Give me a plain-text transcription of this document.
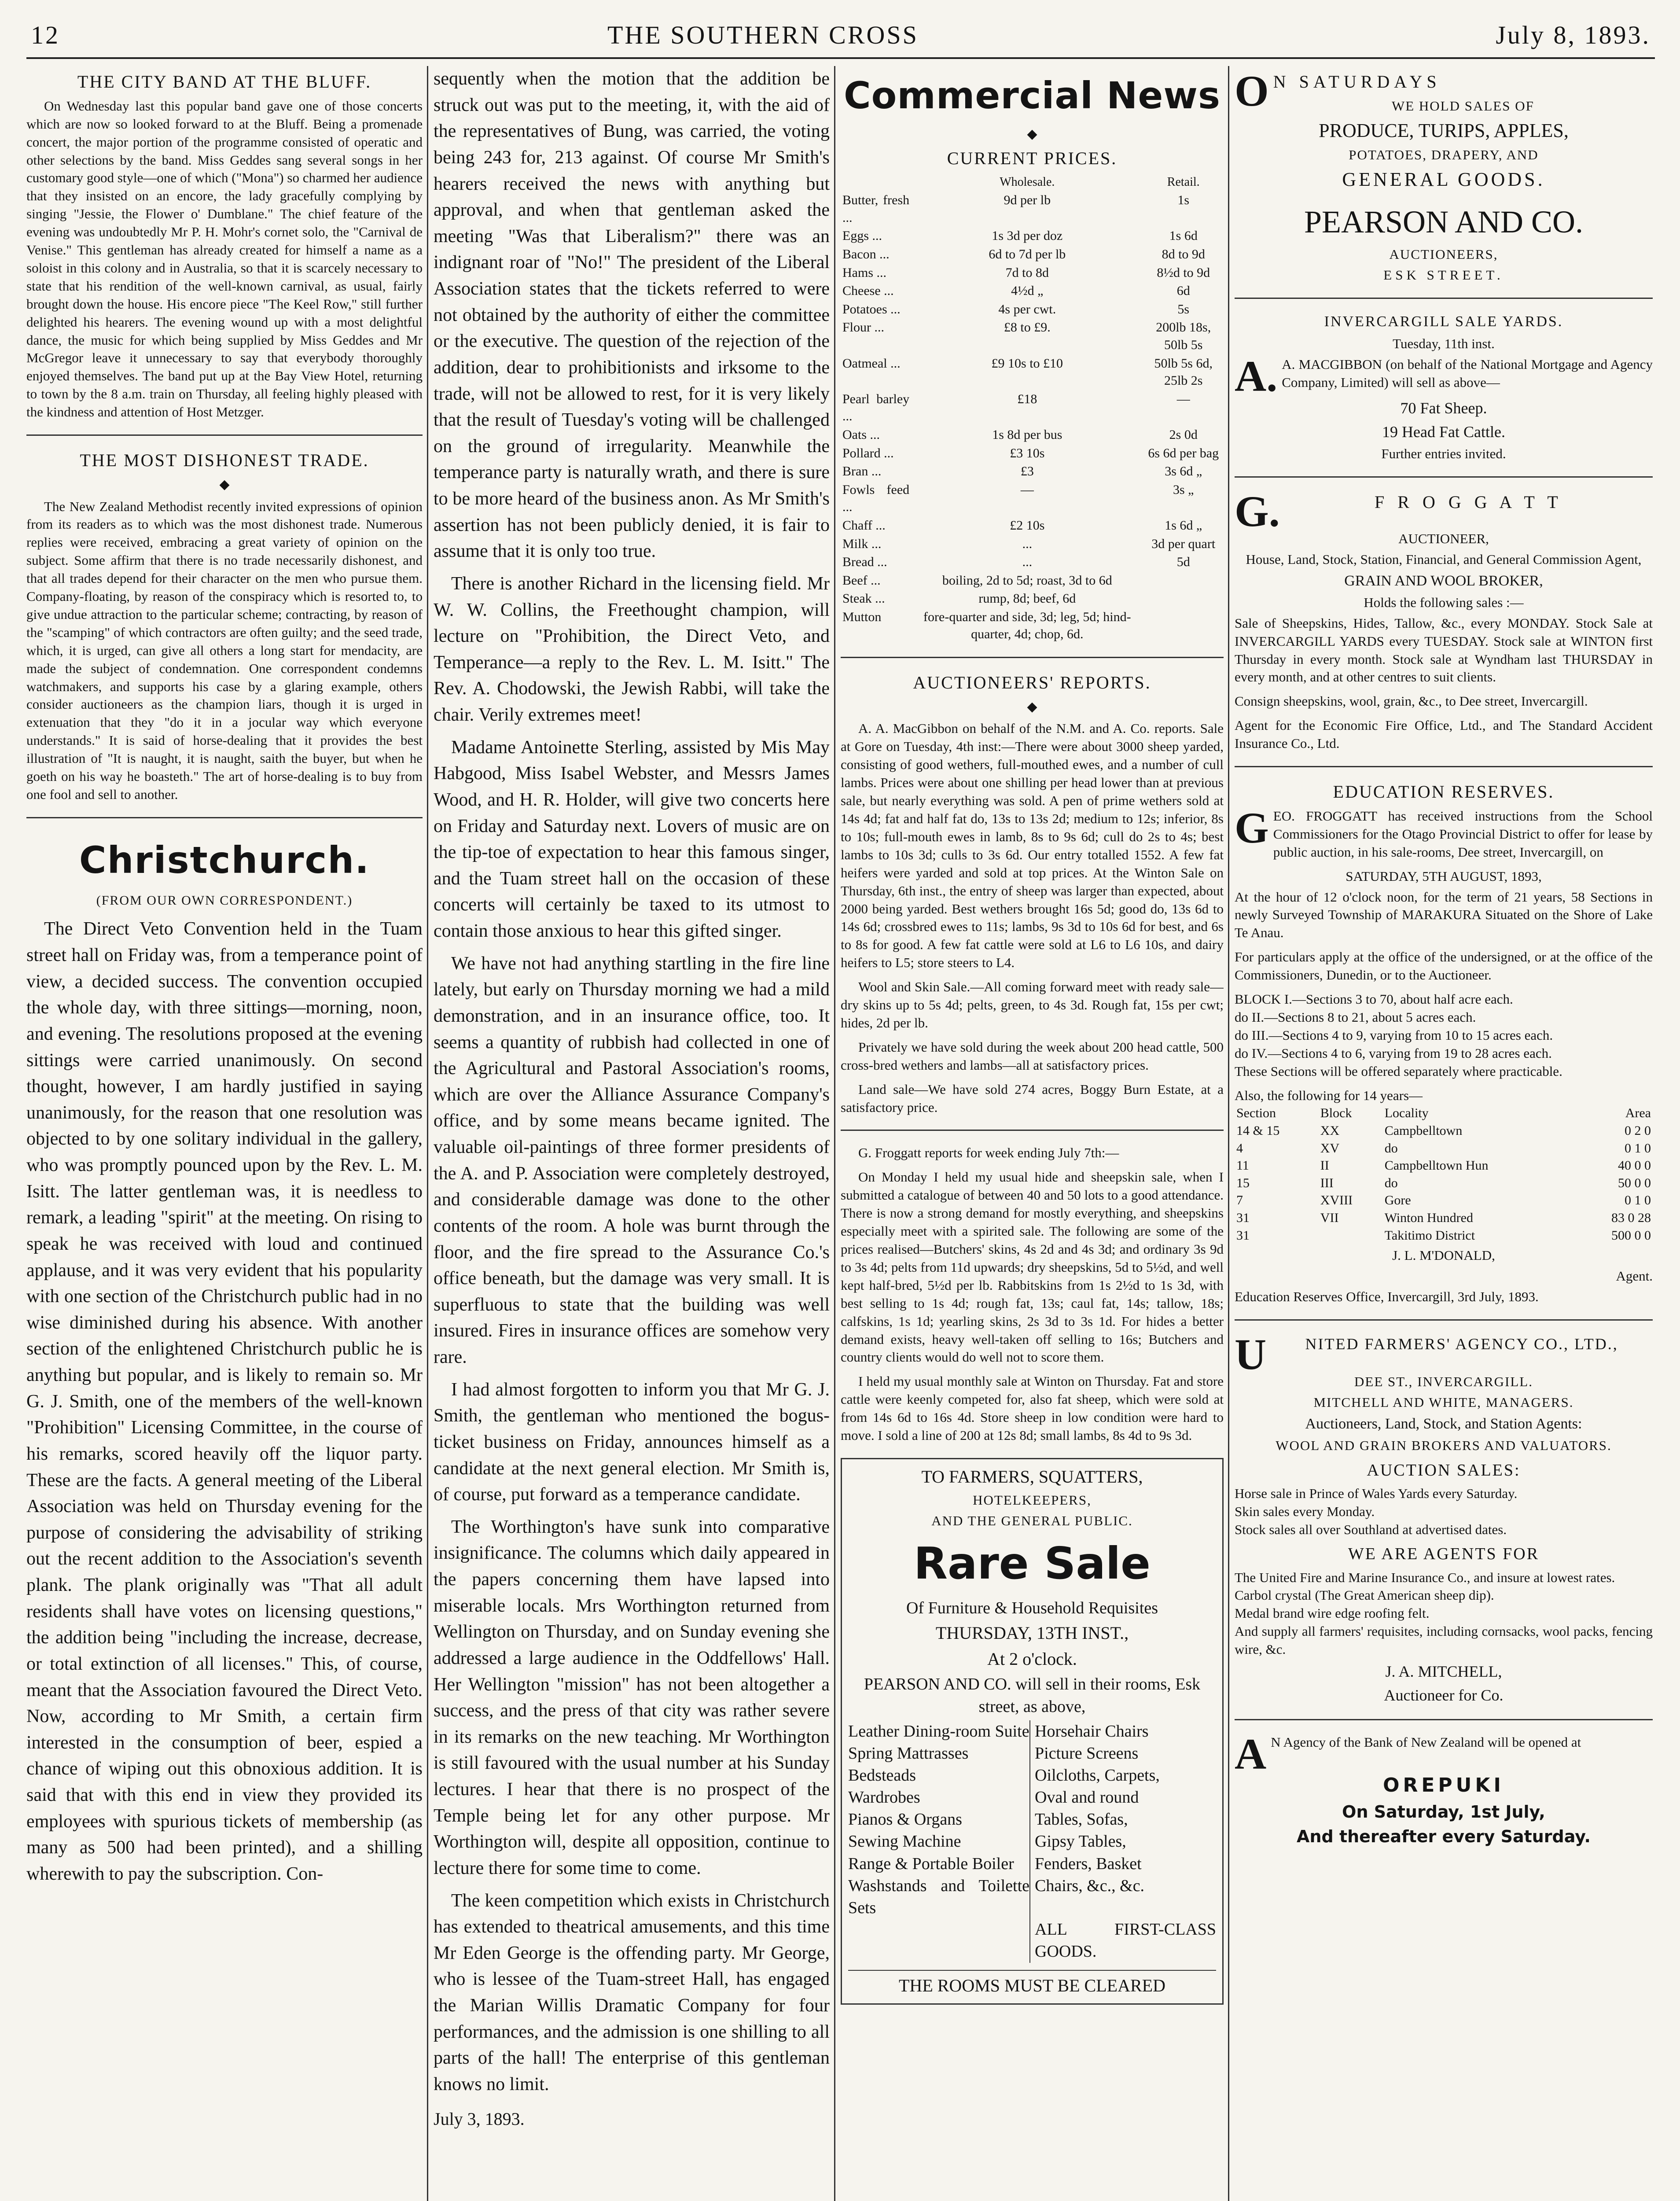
12	THE SOUTHERN CROSS	July 8, 1893.
THE CITY BAND AT THE BLUFF.

On Wednesday last this popular band gave one of those concerts which are now so looked forward to at the Bluff. Being a promenade concert, the major portion of the programme consisted of operatic and other selections by the band. Miss Geddes sang several songs in her customary good style—one of which ("Mona") so charmed her audience that they insisted on an encore, the lady gracefully complying by singing "Jessie, the Flower o' Dumblane." The chief feature of the evening was undoubtedly Mr P. H. Mohr's cornet solo, the "Carnival de Venise." This gentleman has already created for himself a name as a soloist in this colony and in Australia, so that it is scarcely necessary to state that his rendition of the well-known carnival, as usual, fairly brought down the house. His encore piece "The Keel Row," still further delighted his hearers. The evening wound up with a most delightful dance, the music for which being supplied by Miss Geddes and Mr McGregor leave it unnecessary to say that everybody thoroughly enjoyed themselves. The band put up at the Bay View Hotel, returning to town by the 8 a.m. train on Thursday, all feeling highly pleased with the kindness and attention of Host Metzger.

THE MOST DISHONEST TRADE.
◆

The New Zealand Methodist recently invited expressions of opinion from its readers as to which was the most dishonest trade. Numerous replies were received, embracing a great variety of opinion on the subject. Some affirm that there is no trade necessarily dishonest, and that all trades depend for their character on the men who pursue them. Company-floating, by reason of the conspiracy which is resorted to, to give undue attraction to the particular scheme; contracting, by reason of the "scamping" of which contractors are often guilty; and the seed trade, which, it is urged, can give all others a long start for mendacity, are made the subject of condemnation. One correspondent condemns watchmakers, and supports his case by a glaring example, others consider auctioneers as the champion liars, though it is urged in extenuation that they "do it in a jocular way which everyone understands." It is said of horse-dealing that it provides the best illustration of "It is naught, it is naught, saith the buyer, but when he goeth on his way he boasteth." The art of horse-dealing is to buy from one fool and sell to another.

Christchurch.
(FROM OUR OWN CORRESPONDENT.)

The Direct Veto Convention held in the Tuam street hall on Friday was, from a temperance point of view, a decided success. The convention occupied the whole day, with three sittings—morning, noon, and evening. The resolutions proposed at the evening sittings were carried unanimously. On second thought, however, I am hardly justified in saying unanimously, for the reason that one resolution was objected to by one solitary individual in the gallery, who was promptly pounced upon by the Rev. L. M. Isitt. The latter gentleman was, it is needless to remark, a leading "spirit" at the meeting. On rising to speak he was received with loud and continued applause, and it was very evident that his popularity with one section of the Christchurch public had in no wise diminished during his absence. With another section of the enlightened Christchurch public he is anything but popular, and is likely to remain so. Mr G. J. Smith, one of the members of the well-known "Prohibition" Licensing Committee, in the course of his remarks, scored heavily off the liquor party. These are the facts. A general meeting of the Liberal Association was held on Thursday evening for the purpose of considering the advisability of striking out the recent addition to the Association's seventh plank. The plank originally was "That all adult residents shall have votes on licensing questions," the addition being "including the increase, decrease, or total extinction of all licenses." This, of course, meant that the Association favoured the Direct Veto. Now, according to Mr Smith, a certain firm interested in the consumption of beer, espied a chance of wiping out this obnoxious addition. It is said that with this end in view they provided its employees with spurious tickets of membership (as many as 500 had been printed), and a shilling wherewith to pay the subscription. Con-

sequently when the motion that the addition be struck out was put to the meeting, it, with the aid of the representatives of Bung, was carried, the voting being 243 for, 213 against. Of course Mr Smith's hearers received the news with anything but approval, and when that gentleman asked the meeting "Was that Liberalism?" there was an indignant roar of "No!" The president of the Liberal Association states that the tickets referred to were not obtained by the authority of either the committee or the executive. The question of the rejection of the addition, dear to prohibitionists and irksome to the trade, will not be allowed to rest, for it is very likely that the result of Tuesday's voting will be challenged on the ground of irregularity. Meanwhile the temperance party is naturally wrath, and there is sure to be more heard of the business anon. As Mr Smith's assertion has not been publicly denied, it is fair to assume that it is only too true.

There is another Richard in the licensing field. Mr W. W. Collins, the Freethought champion, will lecture on "Prohibition, the Direct Veto, and Temperance—a reply to the Rev. L. M. Isitt." The Rev. A. Chodowski, the Jewish Rabbi, will take the chair. Verily extremes meet!

Madame Antoinette Sterling, assisted by Mis May Habgood, Miss Isabel Webster, and Messrs James Wood, and H. R. Holder, will give two concerts here on Friday and Saturday next. Lovers of music are on the tip-toe of expectation to hear this famous singer, and the Tuam street hall on the occasion of these concerts will certainly be taxed to its utmost to contain those anxious to hear this gifted singer.

We have not had anything startling in the fire line lately, but early on Thursday morning we had a mild demonstration, and in an insurance office, too. It seems a quantity of rubbish had collected in one of the Agricultural and Pastoral Association's rooms, which are over the Alliance Assurance Company's office, and by some means became ignited. The valuable oil-paintings of three former presidents of the A. and P. Association were completely destroyed, and considerable damage was done to the other contents of the room. A hole was burnt through the floor, and the fire spread to the Assurance Co.'s office beneath, but the damage was very small. It is superfluous to state that the building was well insured. Fires in insurance offices are somehow very rare.

I had almost forgotten to inform you that Mr G. J. Smith, the gentleman who mentioned the bogus-ticket business on Friday, announces himself as a candidate at the next general election. Mr Smith is, of course, put forward as a temperance candidate.

The Worthington's have sunk into comparative insignificance. The columns which daily appeared in the papers concerning them have lapsed into miserable locals. Mrs Worthington returned from Wellington on Thursday, and on Sunday evening she addressed a large audience in the Oddfellows' Hall. Her Wellington "mission" has not been altogether a success, and the press of that city was rather severe in its remarks on the new teaching. Mr Worthington is still favoured with the usual number at his Sunday lectures. I hear that there is no prospect of the Temple being let for any other purpose. Mr Worthington will, despite all opposition, continue to lecture there for some time to come.

The keen competition which exists in Christchurch has extended to theatrical amusements, and this time Mr Eden George is the offending party. Mr George, who is lessee of the Tuam-street Hall, has engaged the Marian Willis Dramatic Company for four performances, and the admission is one shilling to all parts of the hall! The enterprise of this gentleman knows no limit.

July 3, 1893.
Commercial News
◆
CURRENT PRICES.
	Wholesale.	Retail.
Butter, fresh ...	9d per lb	1s
Eggs ...	1s 3d per doz	1s 6d
Bacon ...	6d to 7d per lb	8d to 9d
Hams ...	7d to 8d	8½d to 9d
Cheese ...	4½d „	6d
Potatoes ...	4s per cwt.	5s
Flour ...	£8 to £9.	200lb 18s, 50lb 5s
Oatmeal ...	£9 10s to £10	50lb 5s 6d, 25lb 2s
Pearl barley ...	£18	—
Oats ...	1s 8d per bus	2s 0d
Pollard ...	£3 10s	6s 6d per bag
Bran ...	£3	3s 6d „
Fowls feed ...	—	3s „
Chaff ...	£2 10s	1s 6d „
Milk ...	...	3d per quart
Bread ...	...	5d
Beef ...	boiling, 2d to 5d; roast, 3d to 6d	
Steak ...	rump, 8d; beef, 6d	
Mutton	fore-quarter and side, 3d; leg, 5d; hind-quarter, 4d; chop, 6d.	
AUCTIONEERS' REPORTS.
◆

A. A. MacGibbon on behalf of the N.M. and A. Co. reports. Sale at Gore on Tuesday, 4th inst:—There were about 3000 sheep yarded, consisting of good wethers, full-mouthed ewes, and a number of cull lambs. Prices were about one shilling per head lower than at previous sale, but nearly everything was sold. A pen of prime wethers sold at 14s 4d; fat and half fat do, 13s to 13s 2d; medium to 12s; inferior, 8s to 10s; full-mouth ewes in lamb, 8s to 9s 6d; cull do 2s to 4s; best lambs to 10s 3d; culls to 3s 6d. Our entry totalled 1552. A few fat heifers were yarded and sold at top prices. At the Winton Sale on Thursday, 6th inst., the entry of sheep was larger than expected, about 2000 being yarded. Best wethers brought 16s 5d; good do, 13s 6d to 14s 6d; crossbred ewes to 11s; lambs, 9s 3d to 10s 6d for best, and 6s to 8s for good. A few fat cattle were sold at L6 to L6 10s, and dairy heifers to L5; store steers to L4.

Wool and Skin Sale.—All coming forward meet with ready sale—dry skins up to 5s 4d; pelts, green, to 4s 3d. Rough fat, 15s per cwt; hides, 2d per lb.

Privately we have sold during the week about 200 head cattle, 500 cross-bred wethers and lambs—all at satisfactory prices.

Land sale—We have sold 274 acres, Boggy Burn Estate, at a satisfactory price.

G. Froggatt reports for week ending July 7th:—

On Monday I held my usual hide and sheepskin sale, when I submitted a catalogue of between 40 and 50 lots to a good attendance. There is now a strong demand for mostly everything, and sheepskins especially meet with a spirited sale. The following are some of the prices realised—Butchers' skins, 4s 2d and 4s 3d; and ordinary 3s 9d to 3s 4d; pelts from 11d upwards; dry sheepskins, 5d to 5½d, and well kept half-bred, 5½d per lb. Rabbitskins from 1s 2½d to 1s 3d, with best selling to 1s 4d; rough fat, 13s; caul fat, 14s; tallow, 18s; calfskins, 1s 1d; yearling skins, 2s 3d to 3s 1d. For hides a better demand exists, heavy well-taken off selling to 16s; Butchers and country clients would do well not to score them.

I held my usual monthly sale at Winton on Thursday. Fat and store cattle were keenly competed for, also fat sheep, which were sold at from 14s 6d to 16s 4d. Store sheep in low condition were hard to move. I sold a line of 200 at 12s 8d; small lambs, 8s 4d to 9s 3d.

TO FARMERS, SQUATTERS,
HOTELKEEPERS,
AND THE GENERAL PUBLIC.
Rare Sale
Of Furniture & Household Requisites
THURSDAY, 13TH INST.,
At 2 o'clock.
PEARSON AND CO. will sell in their rooms, Esk street, as above,
Leather Dining-room Suite
Spring Mattrasses
Bedsteads
Wardrobes
Pianos & Organs
Sewing Machine
Range & Portable Boiler
Washstands and Toilette Sets
Horsehair Chairs
Picture Screens
Oilcloths, Carpets,
Oval and round
Tables, Sofas,
Gipsy Tables,
Fenders, Basket
Chairs, &c., &c.
ALL FIRST-CLASS GOODS.
THE ROOMS MUST BE CLEARED
O N SATURDAYS
WE HOLD SALES OF
PRODUCE, TURIPS, APPLES,
POTATOES, DRAPERY, AND
GENERAL GOODS.
PEARSON AND CO.
AUCTIONEERS,
ESK STREET.
INVERCARGILL SALE YARDS.
Tuesday, 11th inst.
A. A. MACGIBBON (on behalf of the National Mortgage and Agency Company, Limited) will sell as above—

70 Fat Sheep.
19 Head Fat Cattle.
Further entries invited.
G.	F R O G G A T T
AUCTIONEER,
House, Land, Stock, Station, Financial, and General Commission Agent,
GRAIN AND WOOL BROKER,
Holds the following sales :—

Sale of Sheepskins, Hides, Tallow, &c., every MONDAY. Stock Sale at INVERCARGILL YARDS every TUESDAY. Stock sale at WINTON first Thursday in every month. Stock sale at Wyndham last THURSDAY in every month, and at other centres to suit clients.

Consign sheepskins, wool, grain, &c., to Dee street, Invercargill.

Agent for the Economic Fire Office, Ltd., and The Standard Accident Insurance Co., Ltd.

EDUCATION RESERVES.
G EO. FROGGATT has received instructions from the School Commissioners for the Otago Provincial District to offer for lease by public auction, in his sale-rooms, Dee street, Invercargill, on

SATURDAY, 5TH AUGUST, 1893,

At the hour of 12 o'clock noon, for the term of 21 years, 58 Sections in newly Surveyed Township of MARAKURA Situated on the Shore of Lake Te Anau.

For particulars apply at the office of the undersigned, or at the office of the Commissioners, Dunedin, or to the Auctioneer.

BLOCK I.—Sections 3 to 70, about half acre each.
do II.—Sections 8 to 21, about 5 acres each.
do III.—Sections 4 to 9, varying from 10 to 15 acres each.
do IV.—Sections 4 to 6, varying from 19 to 28 acres each.

These Sections will be offered separately where practicable.

Also, the following for 14 years—
Section	Block	Locality	Area
14 & 15	XX	Campbelltown	0 2 0
4	XV	do	0 1 0
11	II	Campbelltown Hun	40 0 0
15	III	do	50 0 0
7	XVIII	Gore	0 1 0
31	VII	Winton Hundred	83 0 28
31		Takitimo District	500 0 0
J. L. M'DONALD,
Agent.

Education Reserves Office, Invercargill, 3rd July, 1893.

U	NITED FARMERS' AGENCY CO., LTD.,
DEE ST., INVERCARGILL.
MITCHELL AND WHITE, MANAGERS.
Auctioneers, Land, Stock, and Station Agents:
WOOL AND GRAIN BROKERS AND VALUATORS.
AUCTION SALES:
Horse sale in Prince of Wales Yards every Saturday.
Skin sales every Monday.
Stock sales all over Southland at advertised dates.
WE ARE AGENTS FOR
The United Fire and Marine Insurance Co., and insure at lowest rates.
Carbol crystal (The Great American sheep dip).
Medal brand wire edge roofing felt.
And supply all farmers' requisites, including cornsacks, wool packs, fencing wire, &c.
J. A. MITCHELL,
Auctioneer for Co.
A N Agency of the Bank of New Zealand will be opened at

OREPUKI
On Saturday, 1st July,
And thereafter every Saturday.
